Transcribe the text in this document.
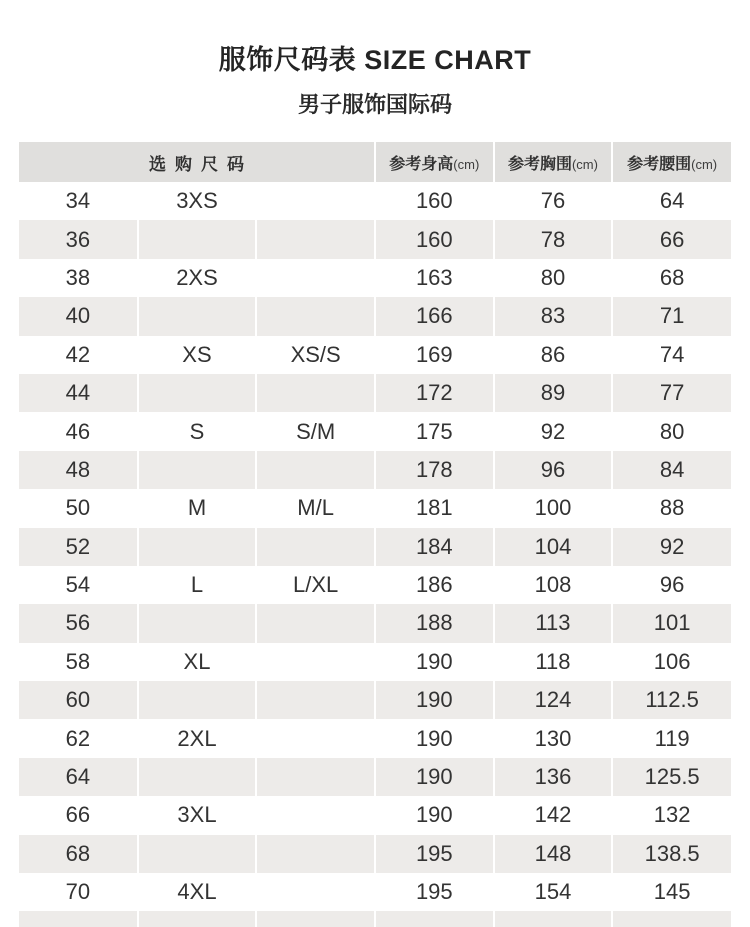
服饰尺码表 SIZE CHART
男子服饰国际码
选购尺码			参考身高(cm)	参考胸围(cm)	参考腰围(cm)
34	3XS		160	76	64
36			160	78	66
38	2XS		163	80	68
40			166	83	71
42	XS	XS/S	169	86	74
44			172	89	77
46	S	S/M	175	92	80
48			178	96	84
50	M	M/L	181	100	88
52			184	104	92
54	L	L/XL	186	108	96
56			188	113	101
58	XL		190	118	106
60			190	124	112.5
62	2XL		190	130	119
64			190	136	125.5
66	3XL		190	142	132
68			195	148	138.5
70	4XL		195	154	145
